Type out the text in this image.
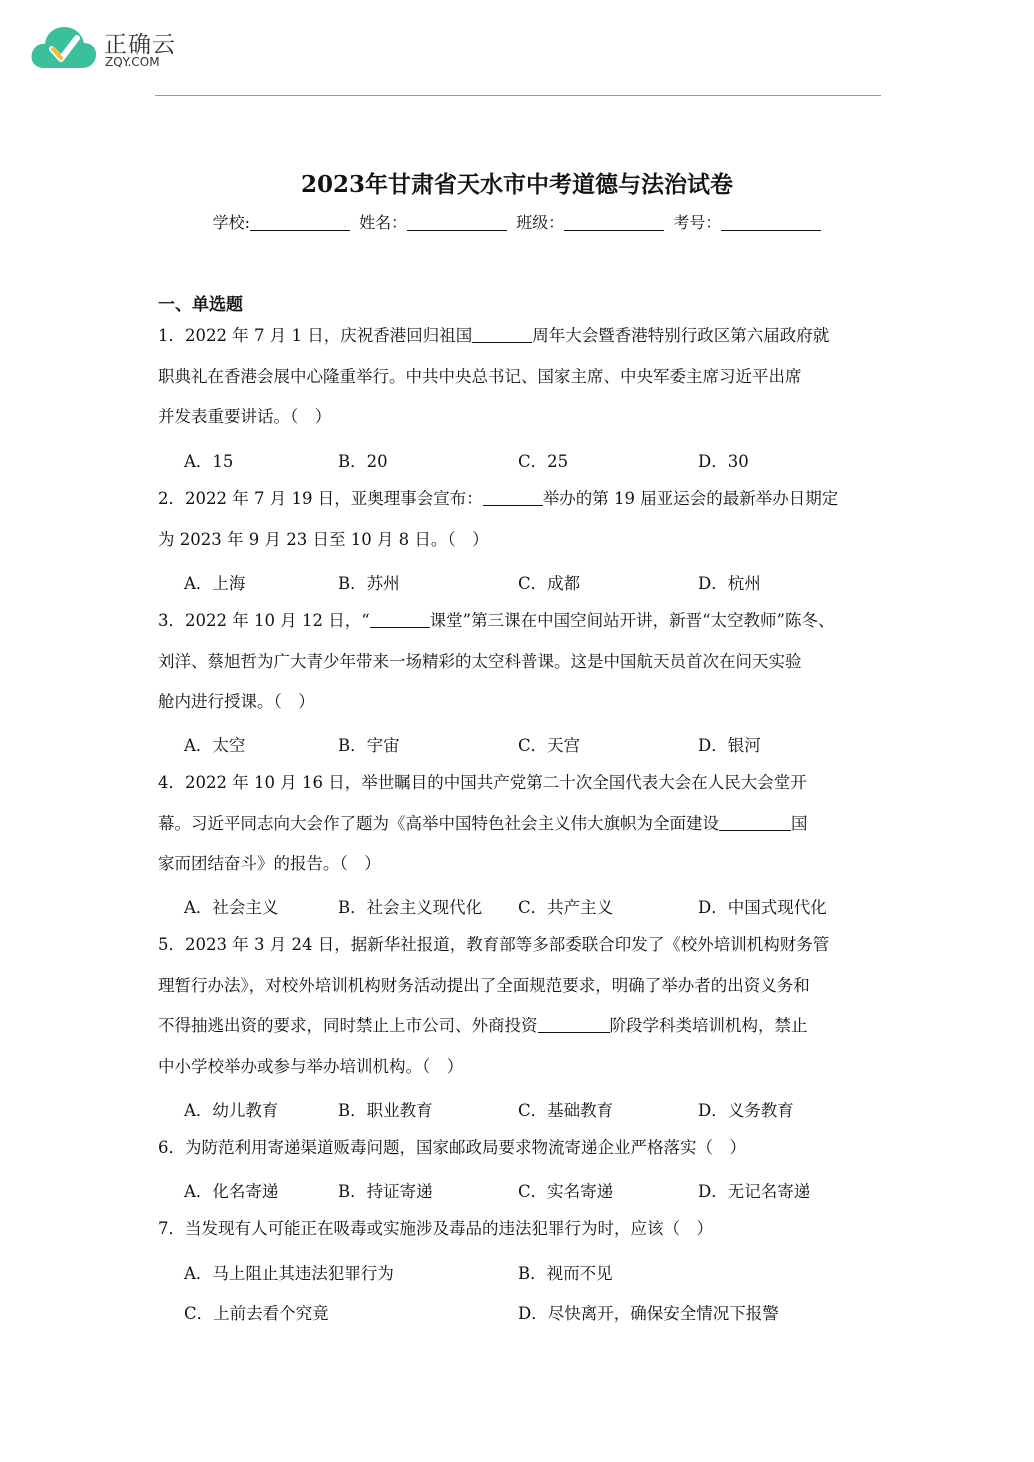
正确云
ZQY.COM
2023年甘肃省天水市中考道德与法治试卷
学校:	姓名：	班级：	考号：
一、单选题
1．2022 年 7 月 1 日，庆祝香港回归祖国	周年大会暨香港特别行政区第六届政府就
职典礼在香港会展中心隆重举行。中共中央总书记、国家主席、中央军委主席习近平出席
并发表重要讲话。（　）
A．15	B．20	C．25	D．30
2．2022 年 7 月 19 日，亚奥理事会宣布：	举办的第 19 届亚运会的最新举办日期定
为 2023 年 9 月 23 日至 10 月 8 日。（　）
A．上海	B．苏州	C．成都	D．杭州
3．2022 年 10 月 12 日，“	课堂”第三课在中国空间站开讲，新晋“太空教师”陈冬、
刘洋、蔡旭哲为广大青少年带来一场精彩的太空科普课。这是中国航天员首次在问天实验
舱内进行授课。（　）
A．太空	B．宇宙	C．天宫	D．银河
4．2022 年 10 月 16 日，举世瞩目的中国共产党第二十次全国代表大会在人民大会堂开
幕。习近平同志向大会作了题为《高举中国特色社会主义伟大旗帜为全面建设	国
家而团结奋斗》的报告。（　）
A．社会主义	B．社会主义现代化 C．共产主义	D．中国式现代化
5．2023 年 3 月 24 日，据新华社报道，教育部等多部委联合印发了《校外培训机构财务管
理暂行办法》，对校外培训机构财务活动提出了全面规范要求，明确了举办者的出资义务和
不得抽逃出资的要求，同时禁止上市公司、外商投资	阶段学科类培训机构，禁止
中小学校举办或参与举办培训机构。（　）
A．幼儿教育	B．职业教育	C．基础教育	D．义务教育
6．为防范利用寄递渠道贩毒问题，国家邮政局要求物流寄递企业严格落实（　）
A．化名寄递	B．持证寄递	C．实名寄递	D．无记名寄递
7．当发现有人可能正在吸毒或实施涉及毒品的违法犯罪行为时，应该（　）
A．马上阻止其违法犯罪行为	B．视而不见
C．上前去看个究竟	D．尽快离开，确保安全情况下报警
